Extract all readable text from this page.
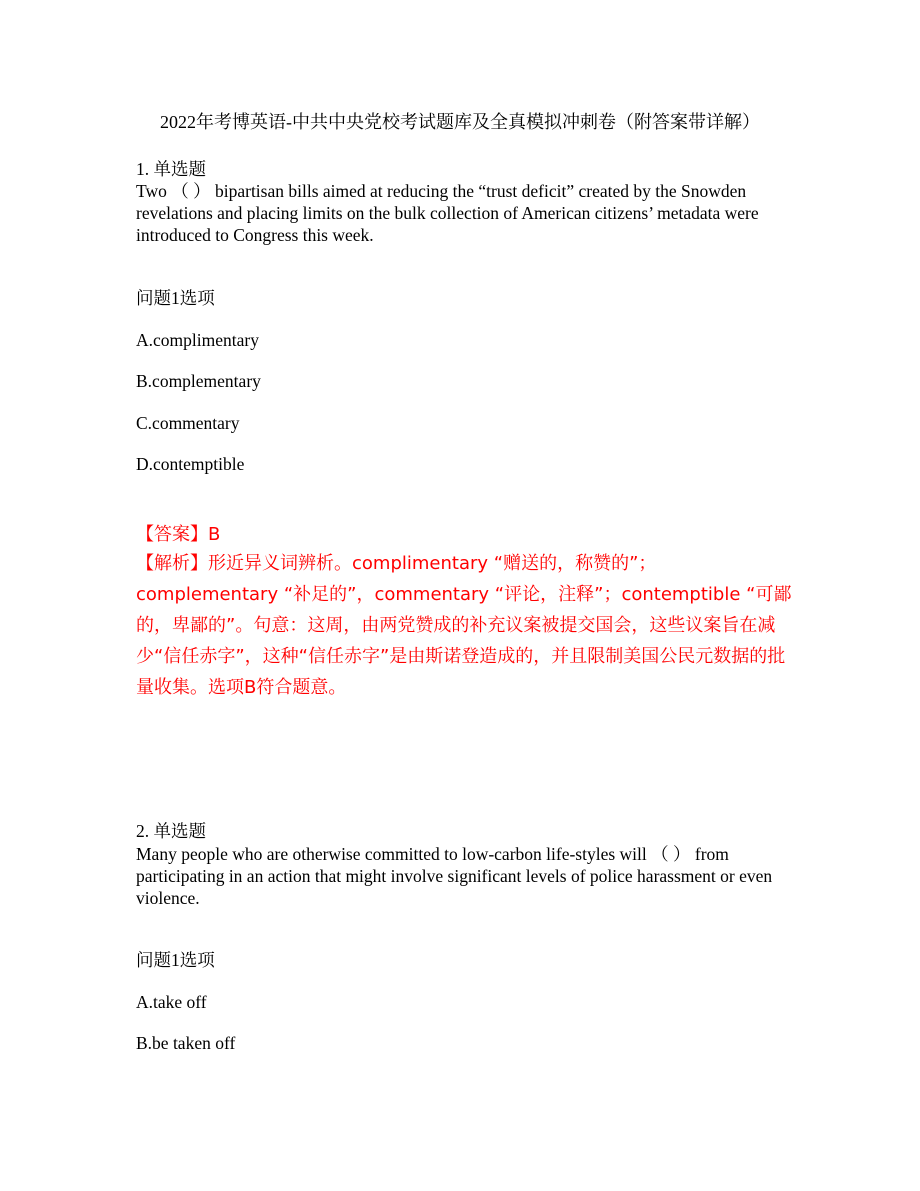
2022年考博英语-中共中央党校考试题库及全真模拟冲刺卷（附答案带详解）
1. 单选题
Two （ ） bipartisan bills aimed at reducing the “trust deficit” created by the Snowden revelations and placing limits on the bulk collection of American citizens’ metadata were introduced to Congress this week.
问题1选项
A.complimentary
B.complementary
C.commentary
D.contemptible
【答案】B
【解析】形近异义词辨析。complimentary “赠送的，称赞的”；complementary “补足的”，commentary “评论，注释”；contemptible “可鄙的，卑鄙的”。句意：这周，由两党赞成的补充议案被提交国会，这些议案旨在减少“信任赤字”，这种“信任赤字”是由斯诺登造成的，并且限制美国公民元数据的批量收集。选项B符合题意。
2. 单选题
Many people who are otherwise committed to low-carbon life-styles will （ ） from participating in an action that might involve significant levels of police harassment or even violence.
问题1选项
A.take off
B.be taken off
